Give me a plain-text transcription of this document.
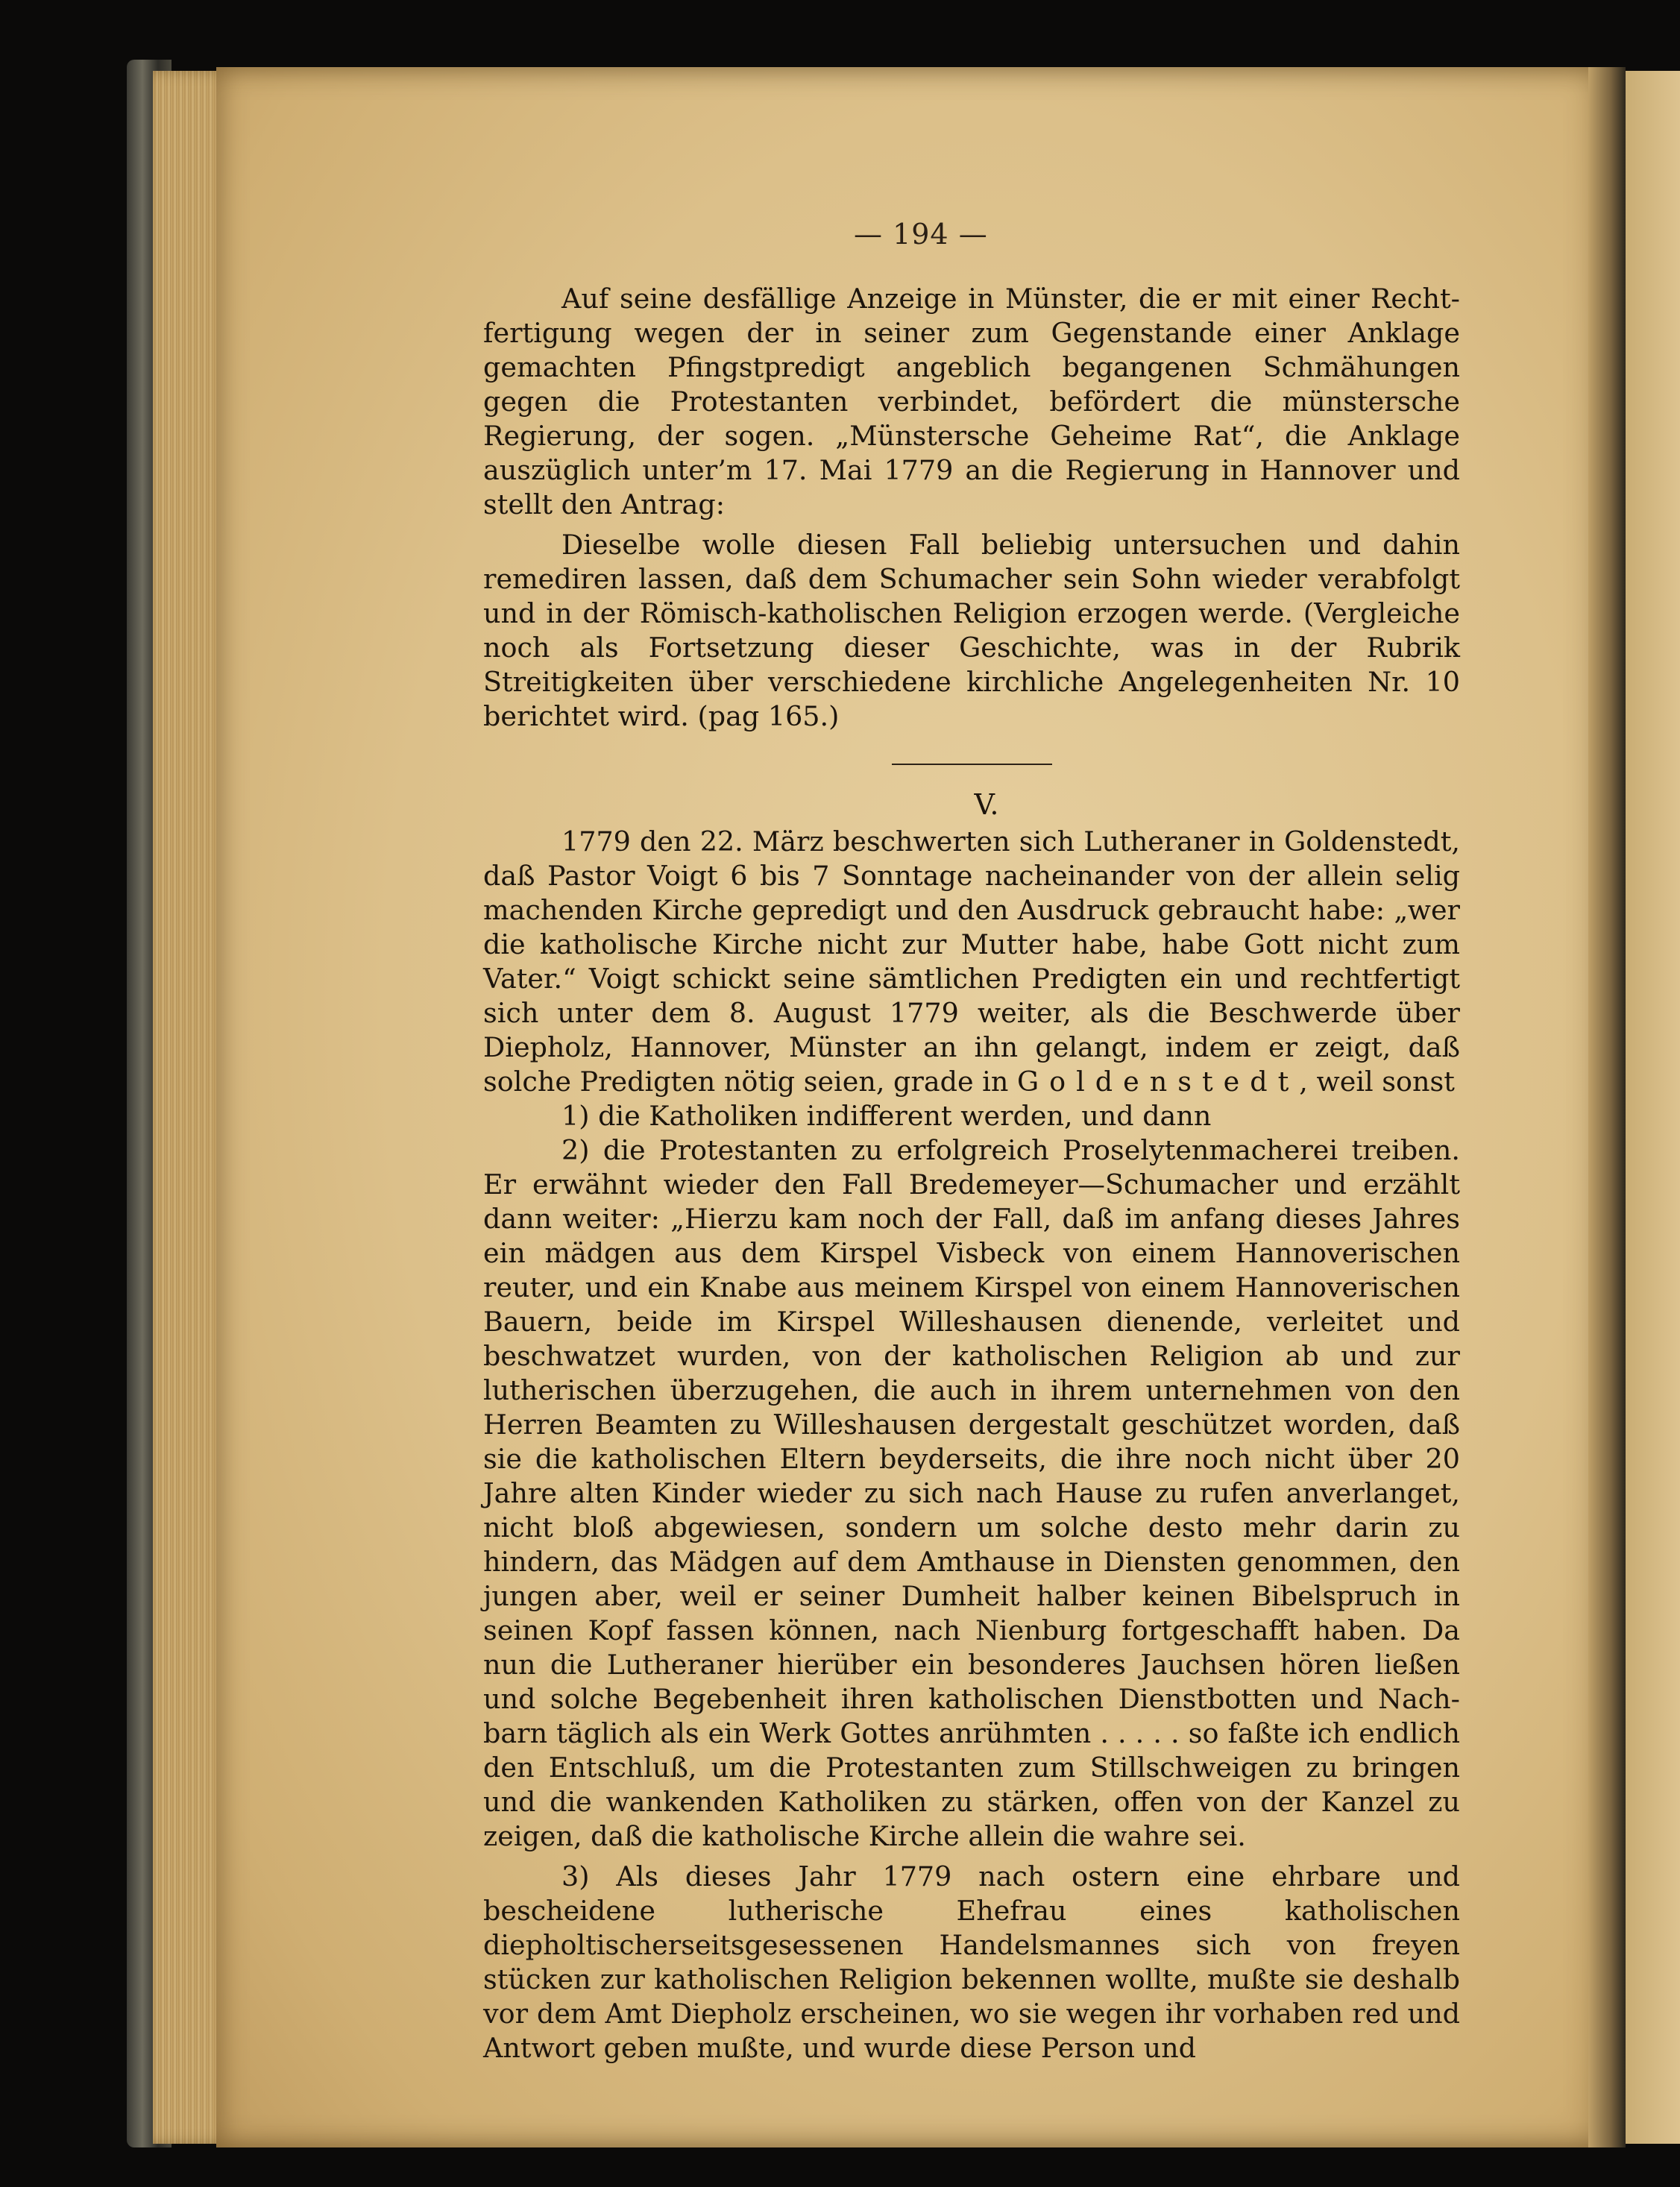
— 194 —

Auf seine desfällige Anzeige in Münster, die er mit einer Rechtfertigung wegen der in seiner zum Gegenstande einer Anklage gemachten Pfingstpredigt angeblich begangenen Schmähungen gegen die Protestanten verbindet, befördert die münstersche Regierung, der sogen. „Münstersche Geheime Rat“, die Anklage auszüglich unter’m 17. Mai 1779 an die Regierung in Hannover und stellt den Antrag:

Dieselbe wolle diesen Fall beliebig untersuchen und dahin remediren lassen, daß dem Schumacher sein Sohn wieder verabfolgt und in der Römisch-katholischen Religion erzogen werde. (Vergleiche noch als Fortsetzung dieser Geschichte, was in der Rubrik Streitigkeiten über verschiedene kirchliche Angelegenheiten Nr. 10 berichtet wird. (pag 165.)

V.

1779 den 22. März beschwerten sich Lutheraner in Goldenstedt, daß Pastor Voigt 6 bis 7 Sonntage nacheinander von der allein selig machenden Kirche gepredigt und den Ausdruck gebraucht habe: „wer die katholische Kirche nicht zur Mutter habe, habe Gott nicht zum Vater.“ Voigt schickt seine sämtlichen Predigten ein und rechtfertigt sich unter dem 8. August 1779 weiter, als die Beschwerde über Diepholz, Hannover, Münster an ihn gelangt, indem er zeigt, daß solche Predigten nötig seien, grade in Goldenstedt, weil sonst

1) die Katholiken indifferent werden, und dann

2) die Protestanten zu erfolgreich Proselytenmacherei treiben. Er erwähnt wieder den Fall Bredemeyer—Schumacher und erzählt dann weiter: „Hierzu kam noch der Fall, daß im anfang dieses Jahres ein mädgen aus dem Kirspel Visbeck von einem Hannoverischen reuter, und ein Knabe aus meinem Kirspel von einem Hannoverischen Bauern, beide im Kirspel Willeshausen dienende, verleitet und beschwatzet wurden, von der katholischen Religion ab und zur lutherischen überzugehen, die auch in ihrem unternehmen von den Herren Beamten zu Willeshausen dergestalt geschützet worden, daß sie die katholischen Eltern beyderseits, die ihre noch nicht über 20 Jahre alten Kinder wieder zu sich nach Hause zu rufen anverlanget, nicht bloß abgewiesen, sondern um solche desto mehr darin zu hindern, das Mädgen auf dem Amthause in Diensten genommen, den jungen aber, weil er seiner Dumheit halber keinen Bibelspruch in seinen Kopf fassen können, nach Nienburg fortgeschafft haben. Da nun die Lutheraner hierüber ein besonderes Jauchsen hören ließen und solche Begebenheit ihren katholischen Dienstbotten und Nachbarn täglich als ein Werk Gottes anrühmten . . . . . so faßte ich endlich den Entschluß, um die Protestanten zum Stillschweigen zu bringen und die wankenden Katholiken zu stärken, offen von der Kanzel zu zeigen, daß die katholische Kirche allein die wahre sei.

3) Als dieses Jahr 1779 nach ostern eine ehrbare und bescheidene lutherische Ehefrau eines katholischen diepholtischerseitsgesessenen Handelsmannes sich von freyen stücken zur katholischen Religion bekennen wollte, mußte sie deshalb vor dem Amt Diepholz erscheinen, wo sie wegen ihr vorhaben red und Antwort geben mußte, und wurde diese Person und
